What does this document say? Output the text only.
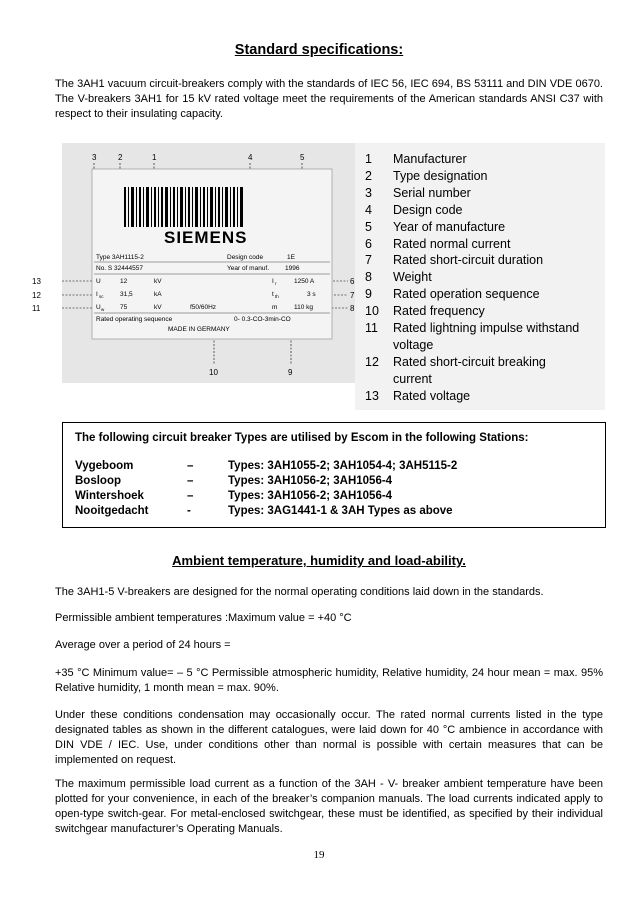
Standard specifications:
The 3AH1 vacuum circuit-breakers comply with the standards of IEC 56, IEC 694, BS 53111 and DIN VDE 0670. The V-breakers 3AH1 for 15 kV rated voltage meet the requirements of the American standards ANSI C37 with respect to their insulating capacity.
3	2	1	4	5
SIEMENS
Type 3AH1115-2	Design code	1E
No. S 32444557	Year of manuf. 1996
U	12	kV	I r	1250 A
I sc	31,5	kA	t th	3 s
U w 75	kV	f50/60Hz	m	110 kg
Rated operating sequence	0- 0.3-CO-3min-CO
MADE IN GERMANY
6
7
8
10	9
13
12
11
1	Manufacturer
2	Type designation
3	Serial number
4	Design code
5	Year of manufacture
6	Rated normal current
7	Rated short-circuit duration
8	Weight
9	Rated operation sequence
10	Rated frequency
11	Rated lightning impulse withstand
voltage
12	Rated short-circuit breaking
current
13	Rated voltage
The following circuit breaker Types are utilised by Escom in the following Stations:
Vygeboom	–	Types: 3AH1055-2; 3AH1054-4; 3AH5115-2
Bosloop	–	Types: 3AH1056-2; 3AH1056-4
Wintershoek	–	Types: 3AH1056-2; 3AH1056-4
Nooitgedacht	-	Types: 3AG1441-1 & 3AH Types as above
Ambient temperature, humidity and load-ability.
The 3AH1-5 V-breakers are designed for the normal operating conditions laid down in the standards.
Permissible ambient temperatures :Maximum value = +40 °C
Average over a period of 24 hours =
+35 °C Minimum value= – 5 °C Permissible atmospheric humidity, Relative humidity, 24 hour mean = max. 95% Relative humidity, 1 month mean = max. 90%.
Under these conditions condensation may occasionally occur. The rated normal currents listed in the type designated tables as shown in the different catalogues, were laid down for 40 °C ambience in accordance with DIN VDE / IEC. Use, under conditions other than normal is possible with certain measures that can be implemented on request.
The maximum permissible load current as a function of the 3AH - V- breaker ambient temperature have been plotted for your convenience, in each of the breaker’s companion manuals. The load currents indicated apply to open-type switch-gear. For metal-enclosed switchgear, these must be identified, as specified by their individual switchgear manufacturer’s Operating Manuals.
19
